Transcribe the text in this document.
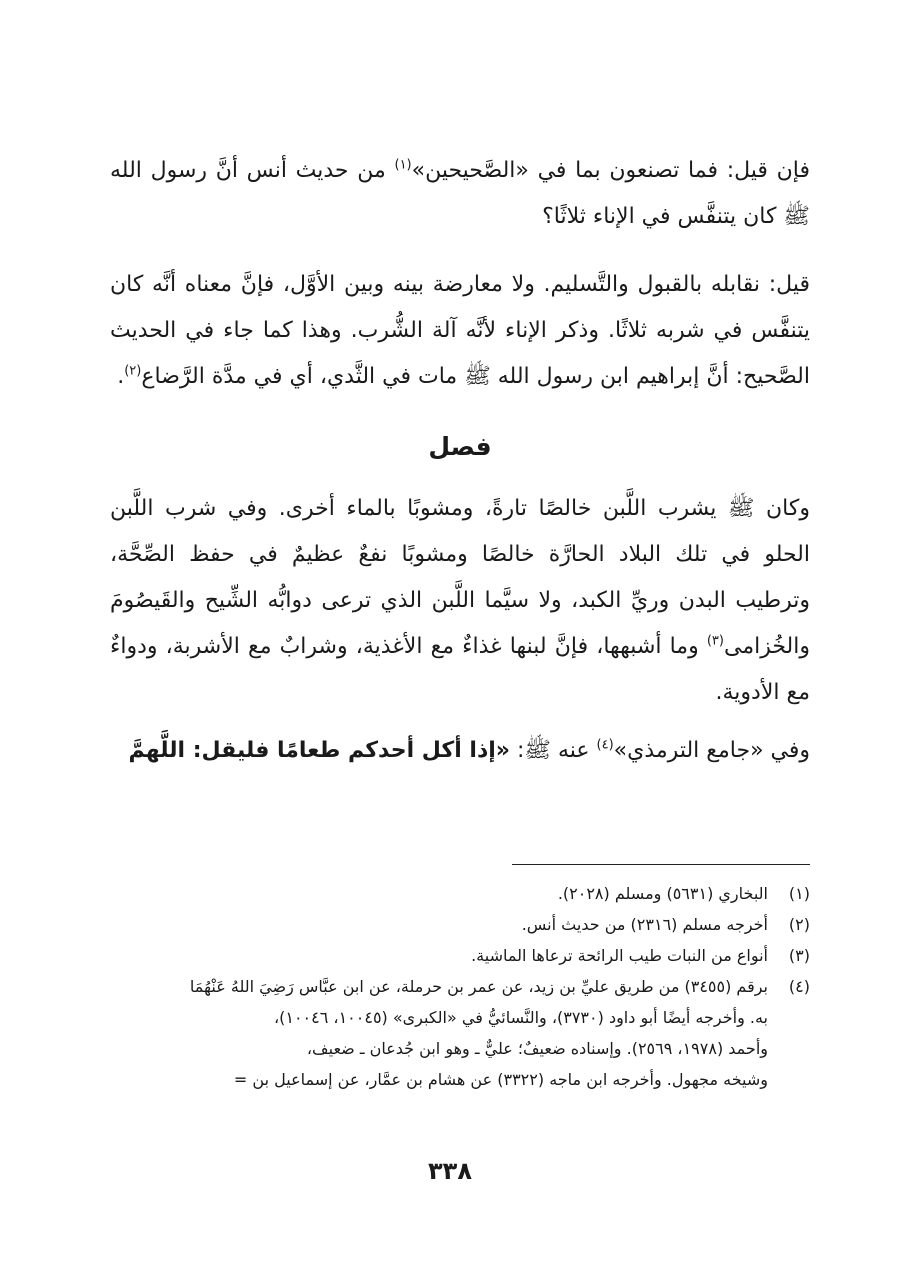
فإن قيل: فما تصنعون بما في «الصَّحيحين»$^{(١)}$ من حديث أنس أنَّ رسول الله ﷺ كان يتنفَّس في الإناء ثلاثًا؟

قيل: نقابله بالقبول والتَّسليم. ولا معارضة بينه وبين الأوَّل، فإنَّ معناه أنَّه كان يتنفَّس في شربه ثلاثًا. وذكر الإناء لأنَّه آلة الشُّرب. وهذا كما جاء في الحديث الصَّحيح: أنَّ إبراهيم ابن رسول الله ﷺ مات في الثَّدي، أي في مدَّة الرَّضاع$^{(٢)}$.

فصل

وكان ﷺ يشرب اللَّبن خالصًا تارةً، ومشوبًا بالماء أخرى. وفي شرب اللَّبن الحلو في تلك البلاد الحارَّة خالصًا ومشوبًا نفعٌ عظيمٌ في حفظ الصِّحَّة، وترطيب البدن وريِّ الكبد، ولا سيَّما اللَّبن الذي ترعى دوابُّه الشِّيح والقَيصُومَ والخُزامى$^{(٣)}$ وما أشبهها، فإنَّ لبنها غذاءٌ مع الأغذية، وشرابٌ مع الأشربة، ودواءٌ مع الأدوية.

وفي «جامع الترمذي»$^{(٤)}$ عنه ﷺ: «إذا أكل أحدكم طعامًا فليقل: اللَّهمَّ

(١)
البخاري (٥٦٣١) ومسلم (٢٠٢٨).
(٢)
أخرجه مسلم (٢٣١٦) من حديث أنس.
(٣)
أنواع من النبات طيب الرائحة ترعاها الماشية.
(٤)
برقم (٣٤٥٥) من طريق عليِّ بن زيد، عن عمر بن حرملة، عن ابن عبَّاس رَضِيَ اللهُ عَنْهُمَا
به. وأخرجه أيضًا أبو داود (٣٧٣٠)، والنَّسائيُّ في «الكبرى» (١٠٠٤٥، ١٠٠٤٦)،
وأحمد (١٩٧٨، ٢٥٦٩). وإسناده ضعيفٌ؛ عليٌّ ـ وهو ابن جُدعان ـ ضعيف،
وشيخه مجهول. وأخرجه ابن ماجه (٣٣٢٢) عن هشام بن عمَّار، عن إسماعيل بن =
٣٣٨
